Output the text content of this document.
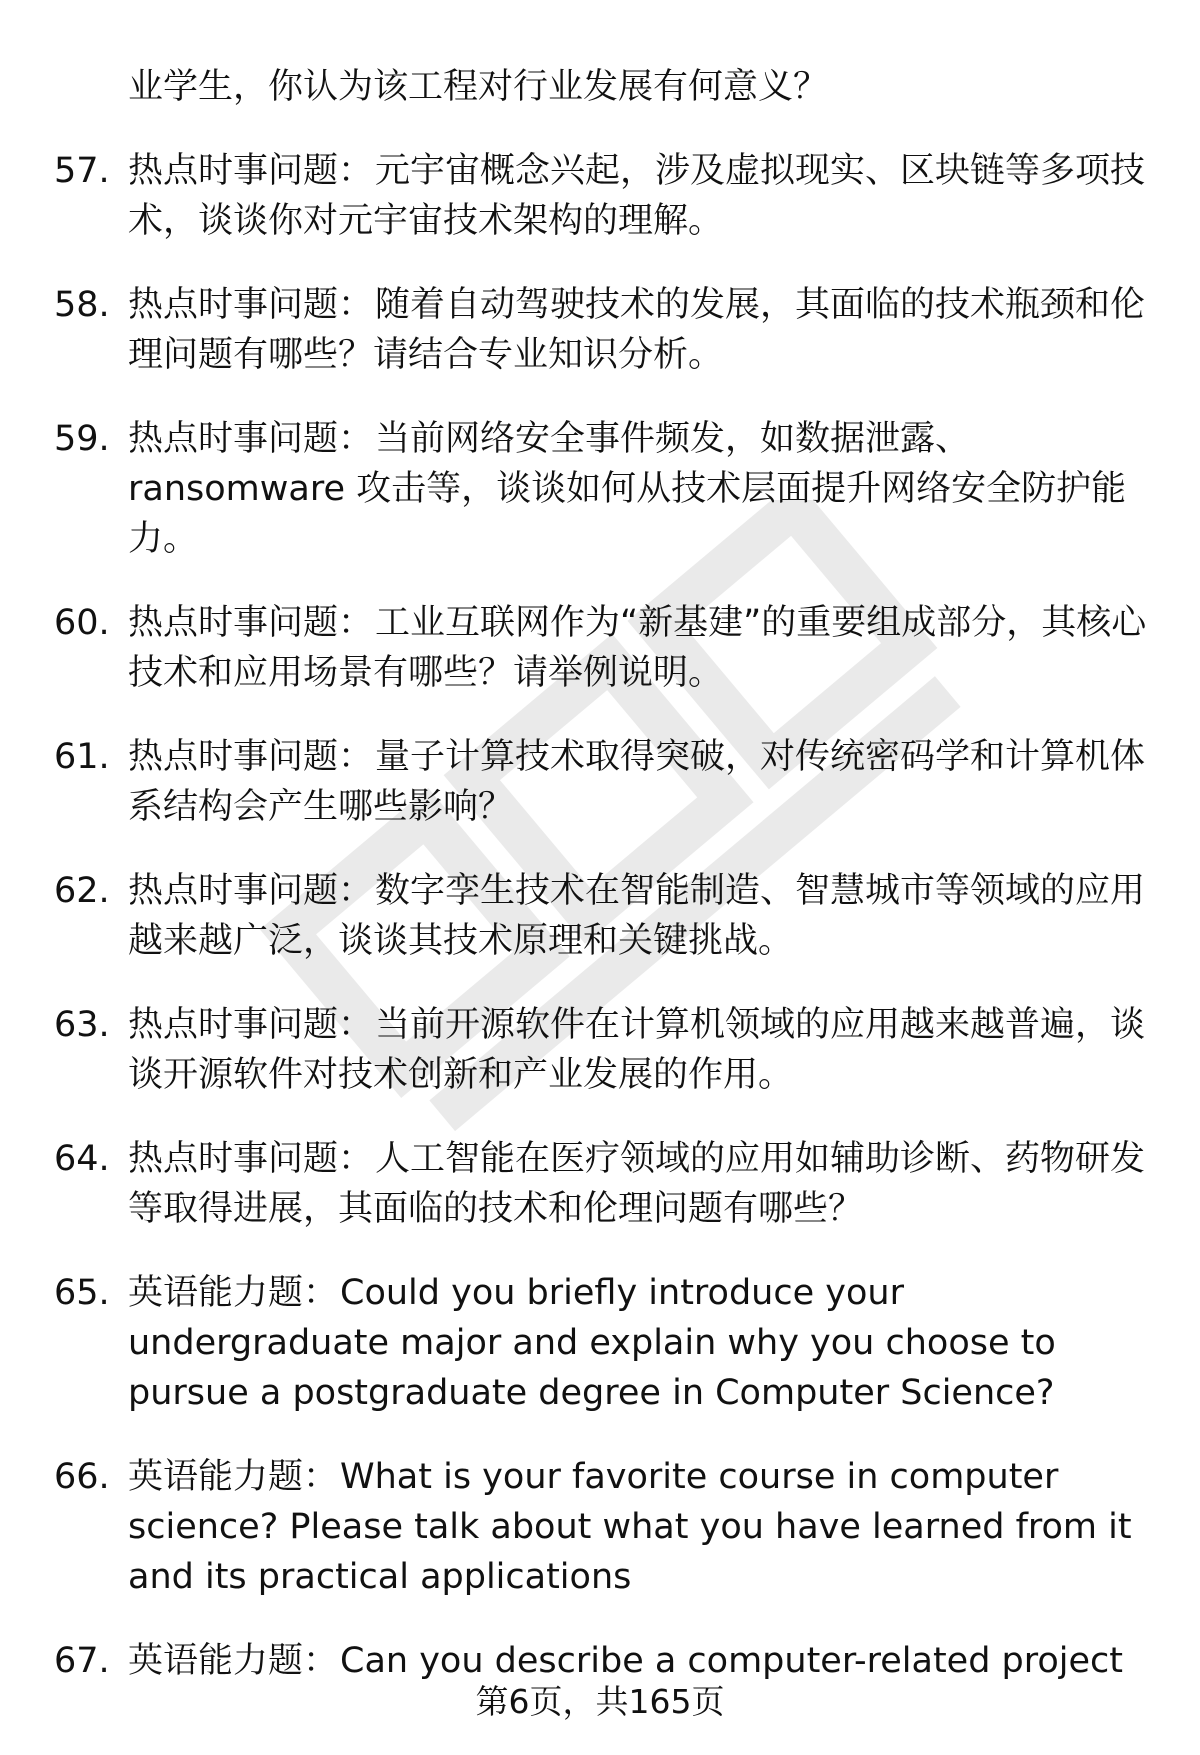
业学生，你认为该工程对行业发展有何意义？
57. 热点时事问题：元宇宙概念兴起，涉及虚拟现实、区块链等多项技术，谈谈你对元宇宙技术架构的理解。
58. 热点时事问题：随着自动驾驶技术的发展，其面临的技术瓶颈和伦理问题有哪些？请结合专业知识分析。
59. 热点时事问题：当前网络安全事件频发，如数据泄露、ransomware 攻击等，谈谈如何从技术层面提升网络安全防护能力。
60. 热点时事问题：工业互联网作为“新基建”的重要组成部分，其核心技术和应用场景有哪些？请举例说明。
61. 热点时事问题：量子计算技术取得突破，对传统密码学和计算机体系结构会产生哪些影响？
62. 热点时事问题：数字孪生技术在智能制造、智慧城市等领域的应用越来越广泛，谈谈其技术原理和关键挑战。
63. 热点时事问题：当前开源软件在计算机领域的应用越来越普遍，谈谈开源软件对技术创新和产业发展的作用。
64. 热点时事问题：人工智能在医疗领域的应用如辅助诊断、药物研发等取得进展，其面临的技术和伦理问题有哪些？
65. 英语能力题：Could you briefly introduce your undergraduate major and explain why you choose to pursue a postgraduate degree in Computer Science?
66. 英语能力题：What is your favorite course in computer science? Please talk about what you have learned from it and its practical applications
67. 英语能力题：Can you describe a computer-related project
第6页，共165页
